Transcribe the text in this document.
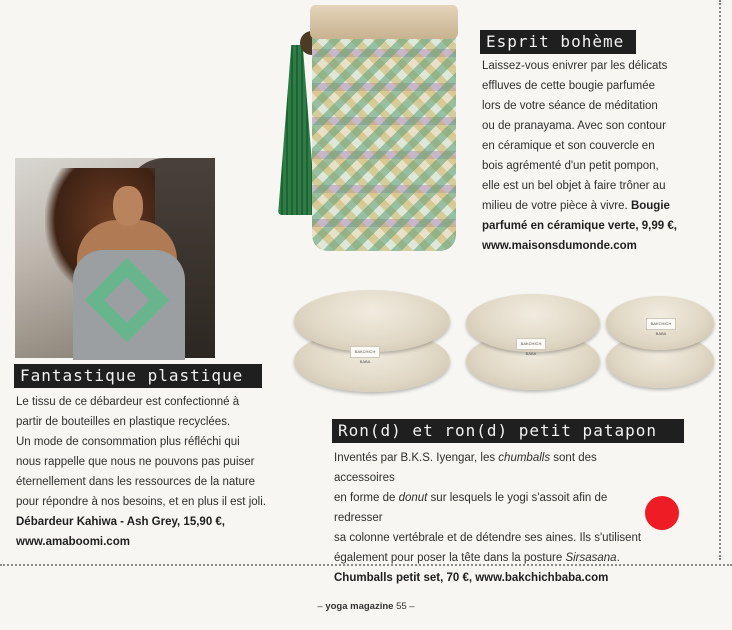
Esprit bohème
Laissez-vous enivrer par les délicats
effluves de cette bougie parfumée
lors de votre séance de méditation
ou de pranayama. Avec son contour
en céramique et son couvercle en
bois agrémenté d'un petit pompon,
elle est un bel objet à faire trôner au
milieu de votre pièce à vivre. Bougie
parfumé en céramique verte, 9,99 €,
www.maisonsdumonde.com
Fantastique plastique
Le tissu de ce débardeur est confectionné à
partir de bouteilles en plastique recyclées.
Un mode de consommation plus réfléchi qui
nous rappelle que nous ne pouvons pas puiser
éternellement dans les ressources de la nature
pour répondre à nos besoins, et en plus il est joli.
Débardeur Kahiwa - Ash Grey, 15,90 €,
www.amaboomi.com
BAKCHICH BABA
BAKCHICH BABA
BAKCHICH BABA
Ron(d) et ron(d) petit patapon
Inventés par B.K.S. Iyengar, les chumballs sont des accessoires
en forme de donut sur lesquels le yogi s'assoit afin de redresser
sa colonne vertébrale et de détendre ses aines. Ils s'utilisent
également pour poser la tête dans la posture Sirsasana.
Chumballs petit set, 70 €, www.bakchichbaba.com
– yoga magazine 55 –
